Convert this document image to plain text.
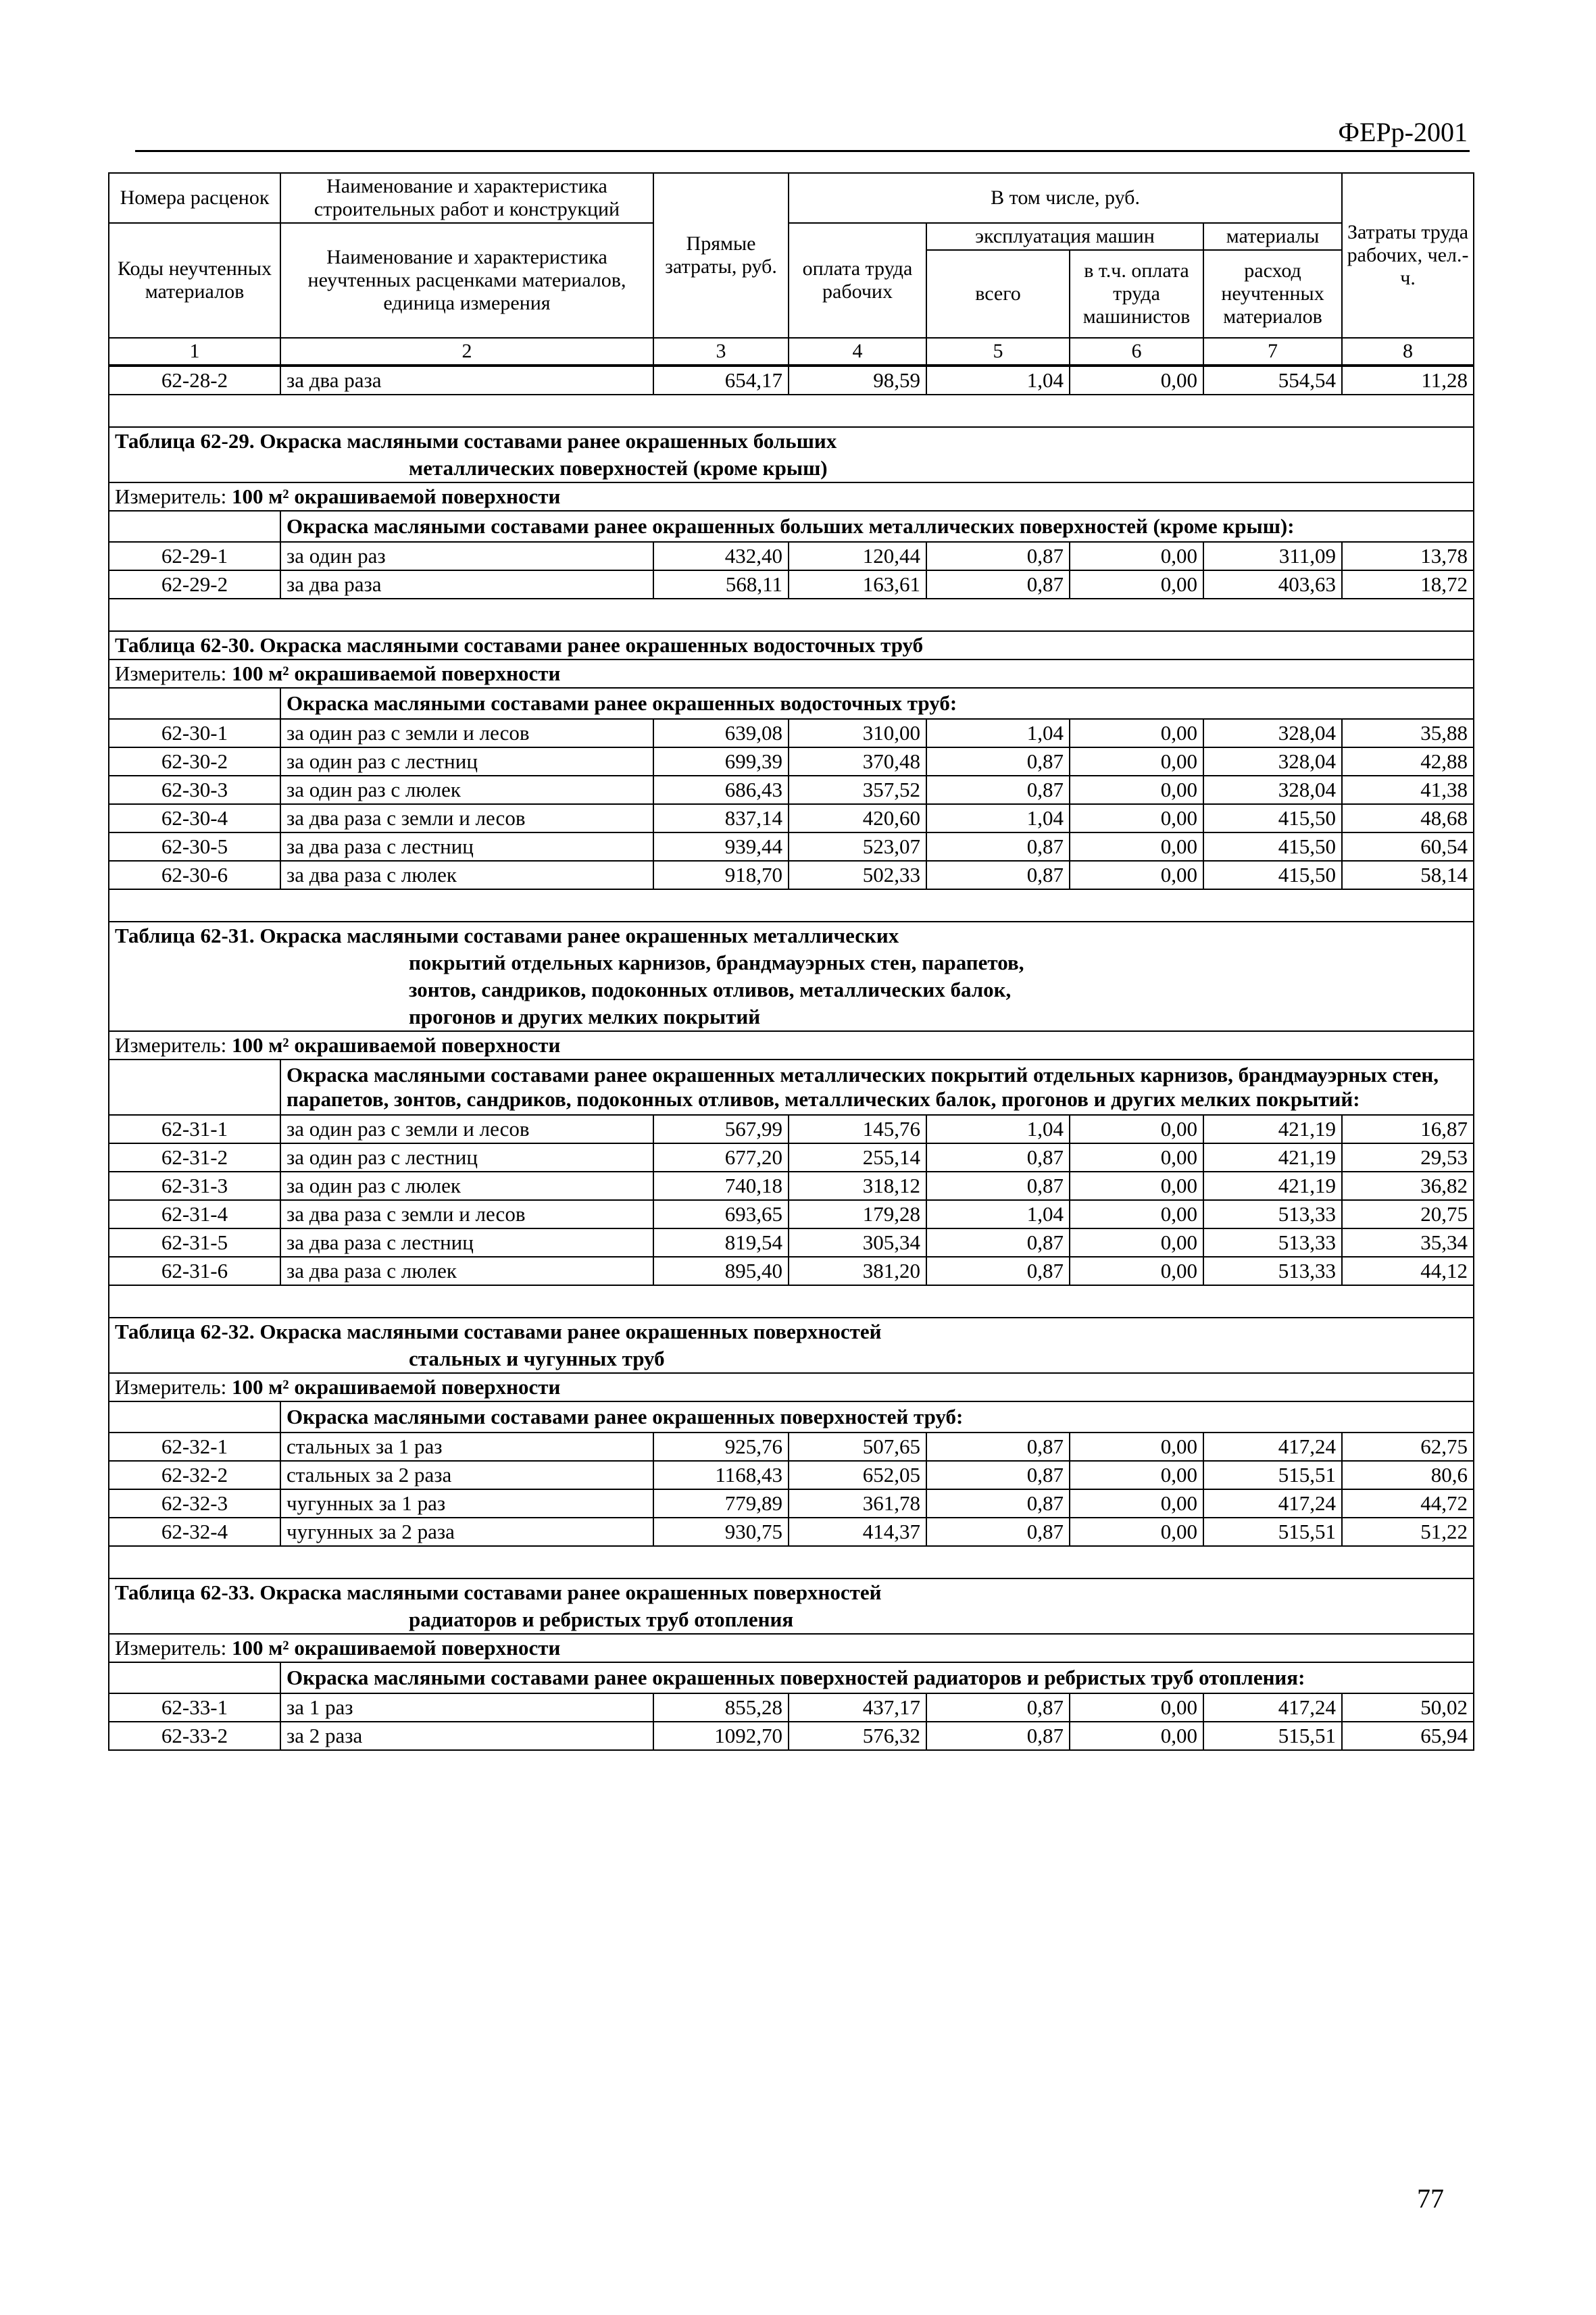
ФЕРр-2001
Номера расценок	Наименование и характеристика строительных работ и конструкций	Прямые затраты, руб.	В том числе, руб.				Затраты труда рабочих, чел.-ч.
Коды неучтенных материалов	Наименование и характеристика неучтенных расценками материалов, единица измерения		оплата труда рабочих	эксплуатация машин		материалы	
				всего	в т.ч. оплата труда машинистов	расход неучтенных материалов	
1	2	3	4	5	6	7	8
62-28-2	за два раза	654,17	98,59	1,04	0,00	554,54	11,28

Таблица 62-29. Окраска масляными составами ранее окрашенных больших
металлических поверхностей (кроме крыш)							

Измеритель: 100 м² окрашиваемой поверхности							
	Окраска масляными составами ранее окрашенных больших металлических поверхностей (кроме крыш):						
62-29-1	за один раз	432,40	120,44	0,87	0,00	311,09	13,78
62-29-2	за два раза	568,11	163,61	0,87	0,00	403,63	18,72

Таблица 62-30. Окраска масляными составами ранее окрашенных водосточных труб							

Измеритель: 100 м² окрашиваемой поверхности							
	Окраска масляными составами ранее окрашенных водосточных труб:						
62-30-1	за один раз с земли и лесов	639,08	310,00	1,04	0,00	328,04	35,88
62-30-2	за один раз с лестниц	699,39	370,48	0,87	0,00	328,04	42,88
62-30-3	за один раз с люлек	686,43	357,52	0,87	0,00	328,04	41,38
62-30-4	за два раза с земли и лесов	837,14	420,60	1,04	0,00	415,50	48,68
62-30-5	за два раза с лестниц	939,44	523,07	0,87	0,00	415,50	60,54
62-30-6	за два раза с люлек	918,70	502,33	0,87	0,00	415,50	58,14

Таблица 62-31. Окраска масляными составами ранее окрашенных металлических
покрытий отдельных карнизов, брандмауэрных стен, парапетов,
зонтов, сандриков, подоконных отливов, металлических балок,
прогонов и других мелких покрытий							

Измеритель: 100 м² окрашиваемой поверхности							
	Окраска масляными составами ранее окрашенных металлических покрытий отдельных карнизов, брандмауэрных стен, парапетов, зонтов, сандриков, подоконных отливов, металлических балок, прогонов и других мелких покрытий:						
62-31-1	за один раз с земли и лесов	567,99	145,76	1,04	0,00	421,19	16,87
62-31-2	за один раз с лестниц	677,20	255,14	0,87	0,00	421,19	29,53
62-31-3	за один раз с люлек	740,18	318,12	0,87	0,00	421,19	36,82
62-31-4	за два раза с земли и лесов	693,65	179,28	1,04	0,00	513,33	20,75
62-31-5	за два раза с лестниц	819,54	305,34	0,87	0,00	513,33	35,34
62-31-6	за два раза с люлек	895,40	381,20	0,87	0,00	513,33	44,12

Таблица 62-32. Окраска масляными составами ранее окрашенных поверхностей
стальных и чугунных труб							

Измеритель: 100 м² окрашиваемой поверхности							
	Окраска масляными составами ранее окрашенных поверхностей труб:						
62-32-1	стальных за 1 раз	925,76	507,65	0,87	0,00	417,24	62,75
62-32-2	стальных за 2 раза	1168,43	652,05	0,87	0,00	515,51	80,6
62-32-3	чугунных за 1 раз	779,89	361,78	0,87	0,00	417,24	44,72
62-32-4	чугунных за 2 раза	930,75	414,37	0,87	0,00	515,51	51,22

Таблица 62-33. Окраска масляными составами ранее окрашенных поверхностей
радиаторов и ребристых труб отопления							

Измеритель: 100 м² окрашиваемой поверхности							
	Окраска масляными составами ранее окрашенных поверхностей радиаторов и ребристых труб отопления:						
62-33-1	за 1 раз	855,28	437,17	0,87	0,00	417,24	50,02
62-33-2	за 2 раза	1092,70	576,32	0,87	0,00	515,51	65,94
77
